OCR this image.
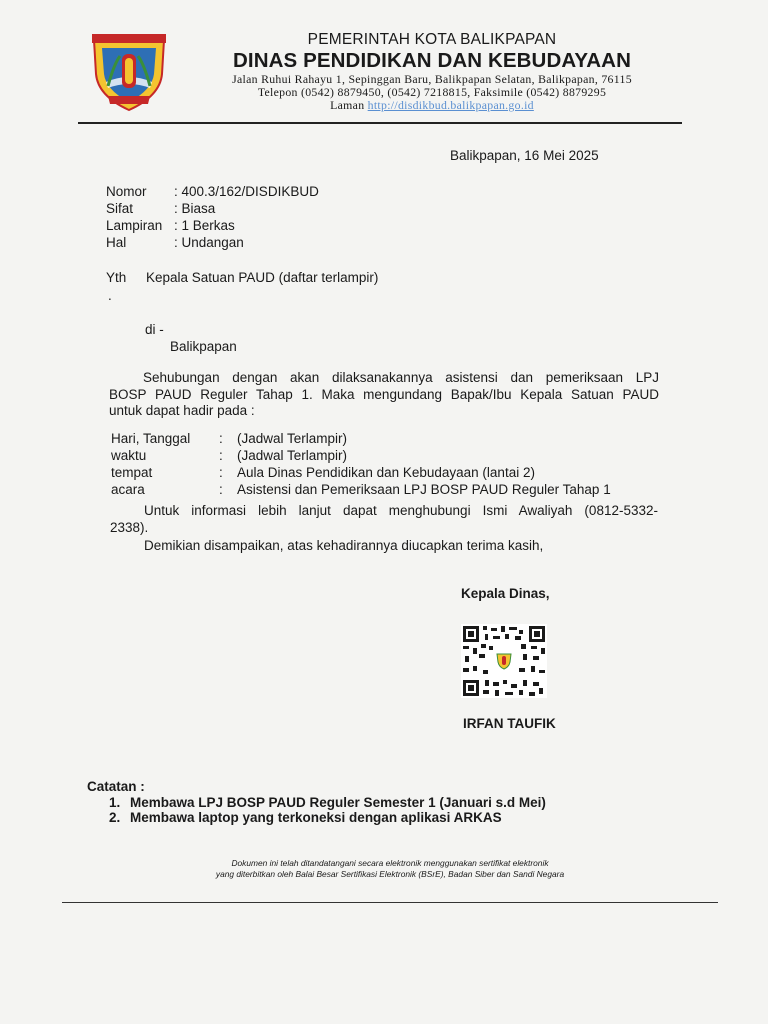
PEMERINTAH KOTA BALIKPAPAN
DINAS PENDIDIKAN DAN KEBUDAYAAN
Jalan Ruhui Rahayu 1, Sepinggan Baru, Balikpapan Selatan, Balikpapan, 76115
Telepon (0542) 8879450, (0542) 7218815, Faksimile (0542) 8879295
Laman http://disdikbud.balikpapan.go.id
Balikpapan, 16 Mei 2025
Nomor	: 400.3/162/DISDIKBUD
Sifat	: Biasa
Lampiran : 1 Berkas
Hal	: Undangan
Yth	Kepala Satuan PAUD (daftar terlampir)
.
di -
Balikpapan
Sehubungan dengan akan dilaksanakannya asistensi dan pemeriksaan LPJ
BOSP PAUD Reguler Tahap 1. Maka mengundang Bapak/Ibu Kepala Satuan PAUD
untuk dapat hadir pada :
Hari, Tanggal	:	(Jadwal Terlampir)
waktu	:	(Jadwal Terlampir)
tempat	:	Aula Dinas Pendidikan dan Kebudayaan (lantai 2)
acara	:	Asistensi dan Pemeriksaan LPJ BOSP PAUD Reguler Tahap 1
Untuk informasi lebih lanjut dapat menghubungi Ismi Awaliyah (0812-5332-
2338).
Demikian disampaikan, atas kehadirannya diucapkan terima kasih,
Kepala Dinas,
IRFAN TAUFIK
Catatan :
1. Membawa LPJ BOSP PAUD Reguler Semester 1 (Januari s.d Mei)
2. Membawa laptop yang terkoneksi dengan aplikasi ARKAS
Dokumen ini telah ditandatangani secara elektronik menggunakan sertifikat elektronik
yang diterbitkan oleh Balai Besar Sertifikasi Elektronik (BSrE), Badan Siber dan Sandi Negara
